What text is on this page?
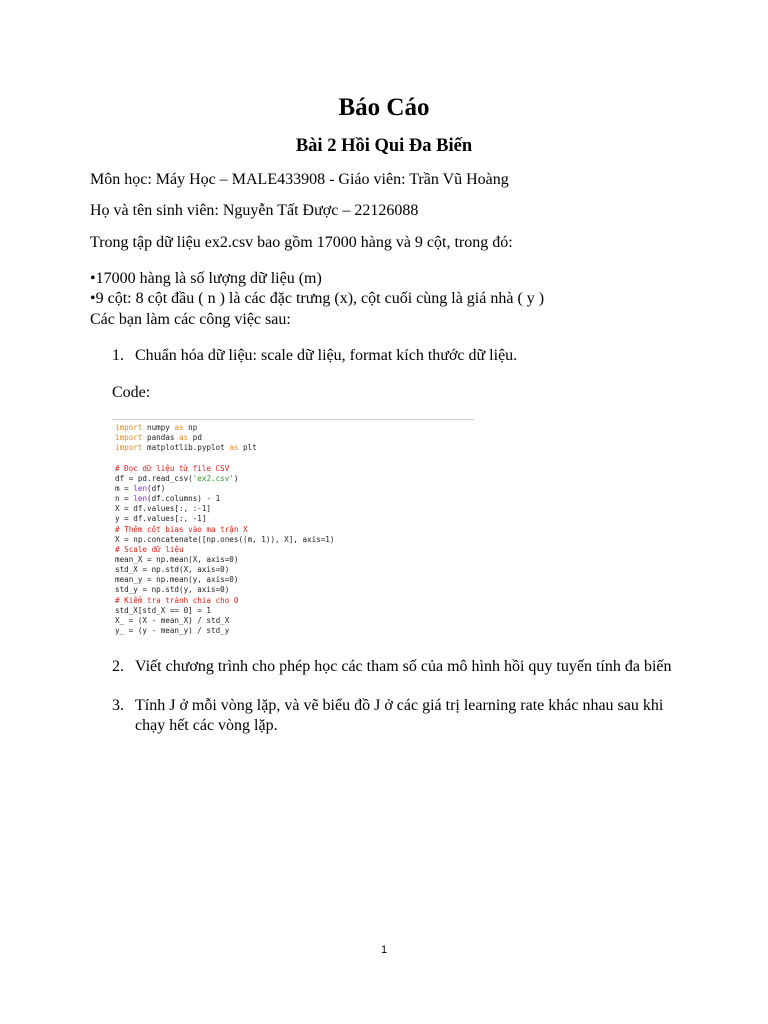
Báo Cáo
Bài 2 Hồi Qui Đa Biến
Môn học: Máy Học – MALE433908 - Giáo viên: Trần Vũ Hoàng
Họ và tên sinh viên: Nguyễn Tất Được – 22126088
Trong tập dữ liệu ex2.csv bao gồm 17000 hàng và 9 cột, trong đó:
•17000 hàng là số lượng dữ liệu (m)
•9 cột: 8 cột đầu ( n ) là các đặc trưng (x), cột cuối cùng là giá nhà ( y )
Các bạn làm các công việc sau:
1. Chuẩn hóa dữ liệu: scale dữ liệu, format kích thước dữ liệu.
Code:
import numpy as np
import pandas as pd
import matplotlib.pyplot as plt
# Đọc dữ liệu từ file CSV
df = pd.read_csv('ex2.csv')
m = len(df)
n = len(df.columns) - 1
X = df.values[:, :-1]
y = df.values[:, -1]
# Thêm cột bias vào ma trận X
X = np.concatenate([np.ones((m, 1)), X], axis=1)
# Scale dữ liệu
mean_X = np.mean(X, axis=0)
std_X = np.std(X, axis=0)
mean_y = np.mean(y, axis=0)
std_y = np.std(y, axis=0)
# Kiểm tra tránh chia cho 0
std_X[std_X == 0] = 1
X_ = (X - mean_X) / std_X
y_ = (y - mean_y) / std_y
2. Viết chương trình cho phép học các tham số của mô hình hồi quy tuyến tính đa biến
3. Tính J ở mỗi vòng lặp, và vẽ biểu đồ J ở các giá trị learning rate khác nhau sau khi chạy hết các vòng lặp.
1
